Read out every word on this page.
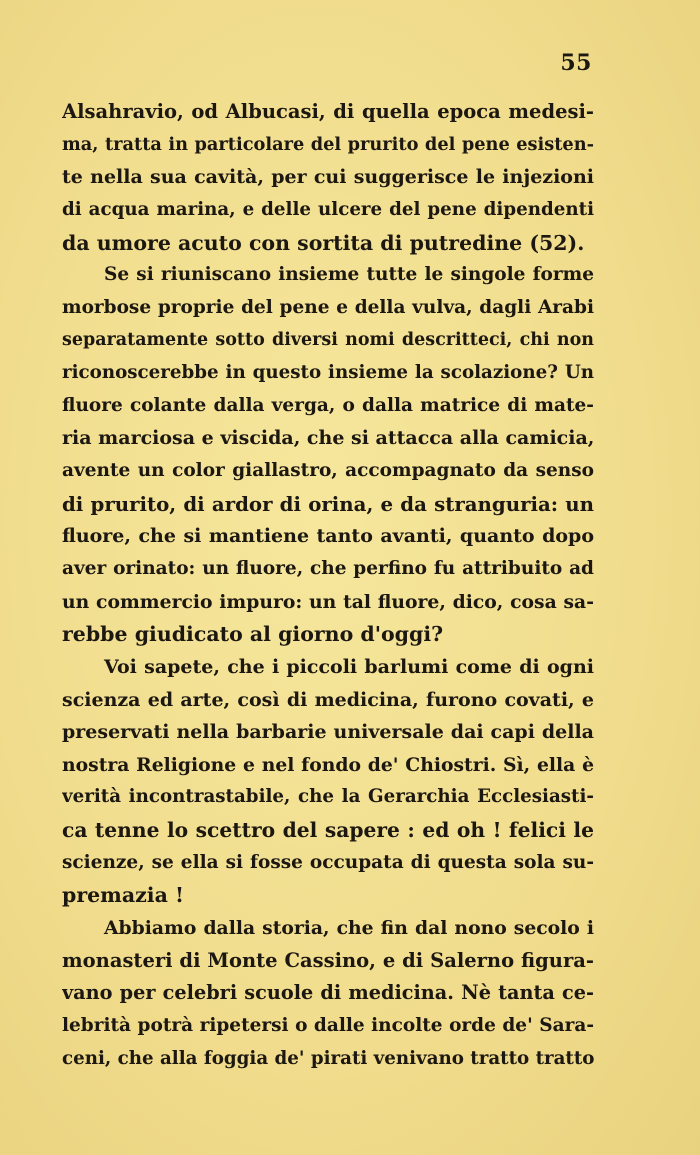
55
Alsahravio, od Albucasi, di quella epoca medesi-
ma, tratta in particolare del prurito del pene esisten-
te nella sua cavità, per cui suggerisce le injezioni
di acqua marina, e delle ulcere del pene dipendenti
da umore acuto con sortita di putredine (52).
Se si riuniscano insieme tutte le singole forme
morbose proprie del pene e della vulva, dagli Arabi
separatamente sotto diversi nomi descritteci, chi non
riconoscerebbe in questo insieme la scolazione? Un
fluore colante dalla verga, o dalla matrice di mate-
ria marciosa e viscida, che si attacca alla camicia,
avente un color giallastro, accompagnato da senso
di prurito, di ardor di orina, e da stranguria: un
fluore, che si mantiene tanto avanti, quanto dopo
aver orinato: un fluore, che perfino fu attribuito ad
un commercio impuro: un tal fluore, dico, cosa sa-
rebbe giudicato al giorno d'oggi?
Voi sapete, che i piccoli barlumi come di ogni
scienza ed arte, così di medicina, furono covati, e
preservati nella barbarie universale dai capi della
nostra Religione e nel fondo de' Chiostri. Sì, ella è
verità incontrastabile, che la Gerarchia Ecclesiasti-
ca tenne lo scettro del sapere : ed oh ! felici le
scienze, se ella si fosse occupata di questa sola su-
premazia !
Abbiamo dalla storia, che fin dal nono secolo i
monasteri di Monte Cassino, e di Salerno figura-
vano per celebri scuole di medicina. Nè tanta ce-
lebrità potrà ripetersi o dalle incolte orde de' Sara-
ceni, che alla foggia de' pirati venivano tratto tratto
